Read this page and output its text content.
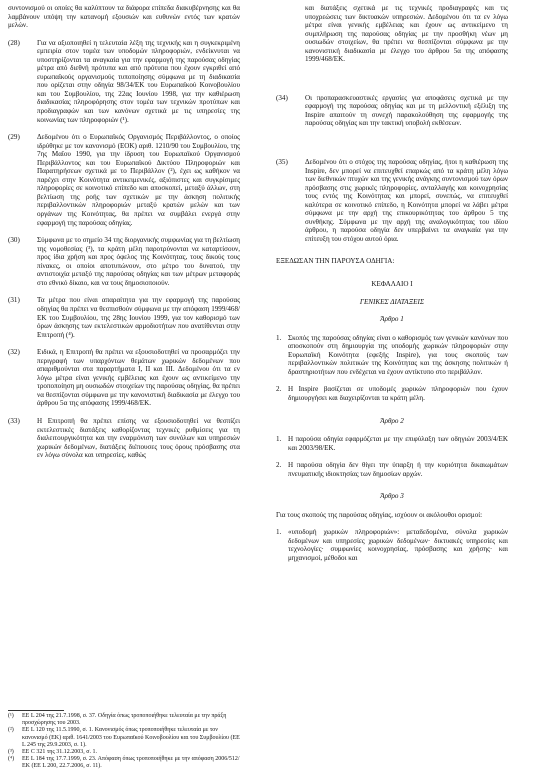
συντονισμού οι οποίες θα καλύπτουν τα διάφορα επίπεδα διακυβέρνησης και θα λαμβάνουν υπόψη την κατανομή εξουσιών και ευθυνών εντός των κρατών μελών.

(28)	Για να αξιοποιηθεί η τελευταία λέξη της τεχνικής και η συγκεκριμένη εμπειρία στον τομέα των υποδομών πληροφοριών, ενδείκνυται να υποστηρίζονται τα αναγκαία για την εφαρμογή της παρούσας οδηγίας μέτρα από διεθνή πρότυπα και από πρότυπα που έχουν εγκριθεί από ευρωπαϊκούς οργανισμούς τυποποίησης σύμφωνα με τη διαδικασία που ορίζεται στην οδηγία 98/34/ΕΚ του Ευρωπαϊκού Κοινοβουλίου και του Συμβουλίου, της 22ας Ιουνίου 1998, για την καθιέρωση διαδικασίας πληροφόρησης στον τομέα των τεχνικών προτύπων και προδιαγραφών και των κανόνων σχετικά με τις υπηρεσίες της κοινωνίας των πληροφοριών (¹).
(29)	Δεδομένου ότι ο Ευρωπαϊκός Οργανισμός Περιβάλλοντος, ο οποίος ιδρύθηκε με τον κανονισμό (ΕΟΚ) αριθ. 1210/90 του Συμβουλίου, της 7ης Μαΐου 1990, για την ίδρυση του Ευρωπαϊκού Οργανισμού Περιβάλλοντος και του Ευρωπαϊκού Δικτύου Πληροφοριών και Παρατηρήσεων σχετικά με το Περιβάλλον (²), έχει ως καθήκον να παρέχει στην Κοινότητα αντικειμενικές, αξιόπιστες και συγκρίσιμες πληροφορίες σε κοινοτικό επίπεδο και αποσκοπεί, μεταξύ άλλων, στη βελτίωση της ροής των σχετικών με την άσκηση πολιτικής περιβαλλοντικών πληροφοριών μεταξύ κρατών μελών και των οργάνων της Κοινότητας, θα πρέπει να συμβάλει ενεργά στην εφαρμογή της παρούσας οδηγίας.
(30)	Σύμφωνα με το σημείο 34 της διοργανικής συμφωνίας για τη βελτίωση της νομοθεσίας (³), τα κράτη μέλη παροτρύνονται να καταρτίσουν, προς ίδια χρήση και προς όφελος της Κοινότητας, τους δικούς τους πίνακες, οι οποίοι αποτυπώνουν, στο μέτρο του δυνατού, την αντιστοιχία μεταξύ της παρούσας οδηγίας και των μέτρων μεταφοράς στο εθνικό δίκαιο, και να τους δημοσιοποιούν.
(31)	Τα μέτρα που είναι απαραίτητα για την εφαρμογή της παρούσας οδηγίας θα πρέπει να θεσπισθούν σύμφωνα με την απόφαση 1999/468/ΕΚ του Συμβουλίου, της 28ης Ιουνίου 1999, για τον καθορισμό των όρων άσκησης των εκτελεστικών αρμοδιοτήτων που ανατίθενται στην Επιτροπή (⁴).
(32)	Ειδικά, η Επιτροπή θα πρέπει να εξουσιοδοτηθεί να προσαρμόζει την περιγραφή των υπαρχόντων θεμάτων χωρικών δεδομένων που απαριθμούνται στα παραρτήματα I, II και III. Δεδομένου ότι τα εν λόγω μέτρα είναι γενικής εμβέλειας και έχουν ως αντικείμενο την τροποποίηση μη ουσιωδών στοιχείων της παρούσας οδηγίας, θα πρέπει να θεσπίζονται σύμφωνα με την κανονιστική διαδικασία με έλεγχο του άρθρου 5α της απόφασης 1999/468/ΕΚ.
(33)	Η Επιτροπή θα πρέπει επίσης να εξουσιοδοτηθεί να θεσπίζει εκτελεστικές διατάξεις καθορίζοντας τεχνικές ρυθμίσεις για τη διαλειτουργικότητα και την εναρμόνιση των συνόλων και υπηρεσιών χωρικών δεδομένων, διατάξεις διέπουσες τους όρους πρόσβασης στα εν λόγω σύνολα και υπηρεσίες, καθώς
(¹)	ΕΕ L 204 της 21.7.1998, σ. 37. Οδηγία όπως τροποποιήθηκε τελευταία με την πράξη προσχώρησης του 2003.
(²)	ΕΕ L 120 της 11.5.1990, σ. 1. Κανονισμός όπως τροποποιήθηκε τελευταία με τον κανονισμό (ΕΚ) αριθ. 1641/2003 του Ευρωπαϊκού Κοινοβουλίου και του Συμβουλίου (ΕΕ L 245 της 29.9.2003, σ. 1).
(³)	ΕΕ C 321 της 31.12.2003, σ. 1.
(⁴)	ΕΕ L 184 της 17.7.1999, σ. 23. Απόφαση όπως τροποποιήθηκε με την απόφαση 2006/512/ΕΚ (ΕΕ L 200, 22.7.2006, σ. 11).
και διατάξεις σχετικά με τις τεχνικές προδιαγραφές και τις υποχρεώσεις των δικτυακών υπηρεσιών. Δεδομένου ότι τα εν λόγω μέτρα είναι γενικής εμβέλειας και έχουν ως αντικείμενο τη συμπλήρωση της παρούσας οδηγίας με την προσθήκη νέων μη ουσιωδών στοιχείων, θα πρέπει να θεσπίζονται σύμφωνα με την κανονιστική διαδικασία με έλεγχο του άρθρου 5α της απόφασης 1999/468/ΕΚ.
(34)	Οι προπαρασκευαστικές εργασίες για αποφάσεις σχετικά με την εφαρμογή της παρούσας οδηγίας και με τη μελλοντική εξέλιξη της Inspire απαιτούν τη συνεχή παρακολούθηση της εφαρμογής της παρούσας οδηγίας και την τακτική υποβολή εκθέσεων.
(35)	Δεδομένου ότι ο στόχος της παρούσας οδηγίας, ήτοι η καθιέρωση της Inspire, δεν μπορεί να επιτευχθεί επαρκώς από τα κράτη μέλη λόγω των διεθνικών πτυχών και της γενικής ανάγκης συντονισμού των όρων πρόσβασης στις χωρικές πληροφορίες, ανταλλαγής και κοινοχρησίας τους εντός της Κοινότητας και μπορεί, συνεπώς, να επιτευχθεί καλύτερα σε κοινοτικό επίπεδο, η Κοινότητα μπορεί να λάβει μέτρα σύμφωνα με την αρχή της επικουρικότητας του άρθρου 5 της συνθήκης. Σύμφωνα με την αρχή της αναλογικότητας του ιδίου άρθρου, η παρούσα οδηγία δεν υπερβαίνει τα αναγκαία για την επίτευξη του στόχου αυτού όρια.

ΕΞΕΔΩΣΑΝ ΤΗΝ ΠΑΡΟΥΣΑ ΟΔΗΓΙΑ:

ΚΕΦΑΛΑΙΟ I

ΓΕΝΙΚΕΣ ΔΙΑΤΑΞΕΙΣ

Άρθρο 1

1. Σκοπός της παρούσας οδηγίας είναι ο καθορισμός των γενικών κανόνων που αποσκοπούν στη δημιουργία της υποδομής χωρικών πληροφοριών στην Ευρωπαϊκή Κοινότητα (εφεξής Inspire), για τους σκοπούς των περιβαλλοντικών πολιτικών της Κοινότητας και της άσκησης πολιτικών ή δραστηριοτήτων που ενδέχεται να έχουν αντίκτυπο στο περιβάλλον.
2. Η Inspire βασίζεται σε υποδομές χωρικών πληροφοριών που έχουν δημιουργήσει και διαχειρίζονται τα κράτη μέλη.

Άρθρο 2

1. Η παρούσα οδηγία εφαρμόζεται με την επιφύλαξη των οδηγιών 2003/4/ΕΚ και 2003/98/ΕΚ.
2. Η παρούσα οδηγία δεν θίγει την ύπαρξη ή την κυριότητα δικαιωμάτων πνευματικής ιδιοκτησίας των δημοσίων αρχών.

Άρθρο 3

Για τους σκοπούς της παρούσας οδηγίας, ισχύουν οι ακόλουθοι ορισμοί:

1. «υποδομή χωρικών πληροφοριών»: μεταδεδομένα, σύνολα χωρικών δεδομένων και υπηρεσίες χωρικών δεδομένων· δικτυακές υπηρεσίες και τεχνολογίες· συμφωνίες κοινοχρησίας, πρόσβασης και χρήσης· και μηχανισμοί, μέθοδοι και
